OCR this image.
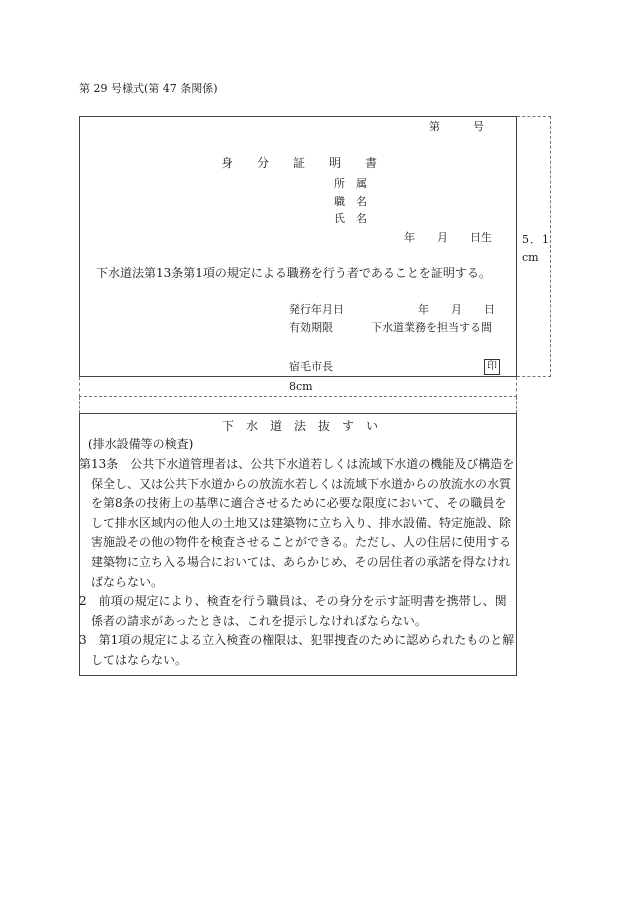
第 29 号様式(第 47 条関係)
第　　　号
身　　分　　証　　明　　書
所　属
職　名
氏　名
年　　月　　日生
下水道法第13条第1項の規定による職務を行う者であることを証明する。
発行年月日	年　　月　　日
有効期限	下水道業務を担当する間
宿毛市長	印
5．1
cm
8cm
下　水　道　法　抜　す　い
(排水設備等の検査)

第13条　公共下水道管理者は、公共下水道若しくは流域下水道の機能及び構造を保全し、又は公共下水道からの放流水若しくは流域下水道からの放流水の水質を第8条の技術上の基準に適合させるために必要な限度において、その職員をして排水区域内の他人の土地又は建築物に立ち入り、排水設備、特定施設、除害施設その他の物件を検査させることができる。ただし、人の住居に使用する建築物に立ち入る場合においては、あらかじめ、その居住者の承諾を得なければならない。

2　前項の規定により、検査を行う職員は、その身分を示す証明書を携帯し、関係者の請求があったときは、これを提示しなければならない。

3　第1項の規定による立入検査の権限は、犯罪捜査のために認められたものと解してはならない。
